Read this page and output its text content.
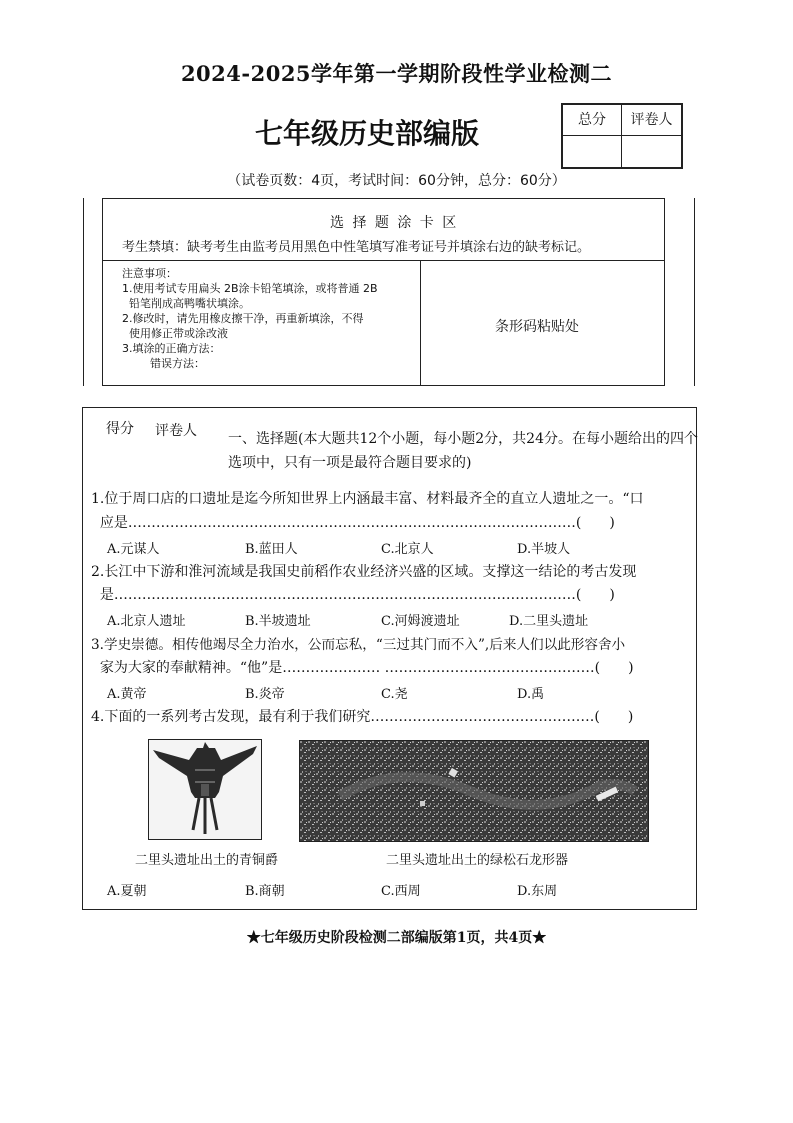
2024-2025学年第一学期阶段性学业检测二
七年级历史部编版	总分	评卷人
（试卷页数：4页，考试时间：60分钟，总分：60分）
选 择 题 涂 卡 区
考生禁填：缺考考生由监考员用黑色中性笔填写准考证号并填涂右边的缺考标记。
注意事项：
1.使用考试专用扁头 2B涂卡铅笔填涂，或将普通 2B
铅笔削成高鸭嘴状填涂。
2.修改时，请先用橡皮擦干净，再重新填涂，不得
使用修正带或涂改液
3.填涂的正确方法：
错误方法：
条形码粘贴处
得分 评卷人 一、选择题(本大题共12个小题，每小题2分，共24分。在每小题给出的四个选项中，只有一项是最符合题目要求的)
1.位于周口店的口遗址是迄今所知世界上内涵最丰富、材料最齐全的直立人遗址之一。“口
应是……………………………………………………………………………………(　　)
A.元谋人	B.蓝田人	C.北京人	D.半坡人
2.长江中下游和淮河流域是我国史前稻作农业经济兴盛的区域。支撑这一结论的考古发现
是………………………………………………………………………………………(　　)
A.北京人遗址	B.半坡遗址	C.河姆渡遗址	D.二里头遗址
3.学史崇德。相传他竭尽全力治水，公而忘私，“三过其门而不入”,后来人们以此形容舍小
家为大家的奉献精神。“他”是………………… ………………………………………(　　)
A.黄帝	B.炎帝	C.尧	D.禹
4.下面的一系列考古发现，最有利于我们研究…………………………………………(　　)
二里头遗址出土的青铜爵	二里头遗址出土的绿松石龙形器
A.夏朝	B.商朝	C.西周	D.东周
★七年级历史阶段检测二部编版第1页，共4页★
